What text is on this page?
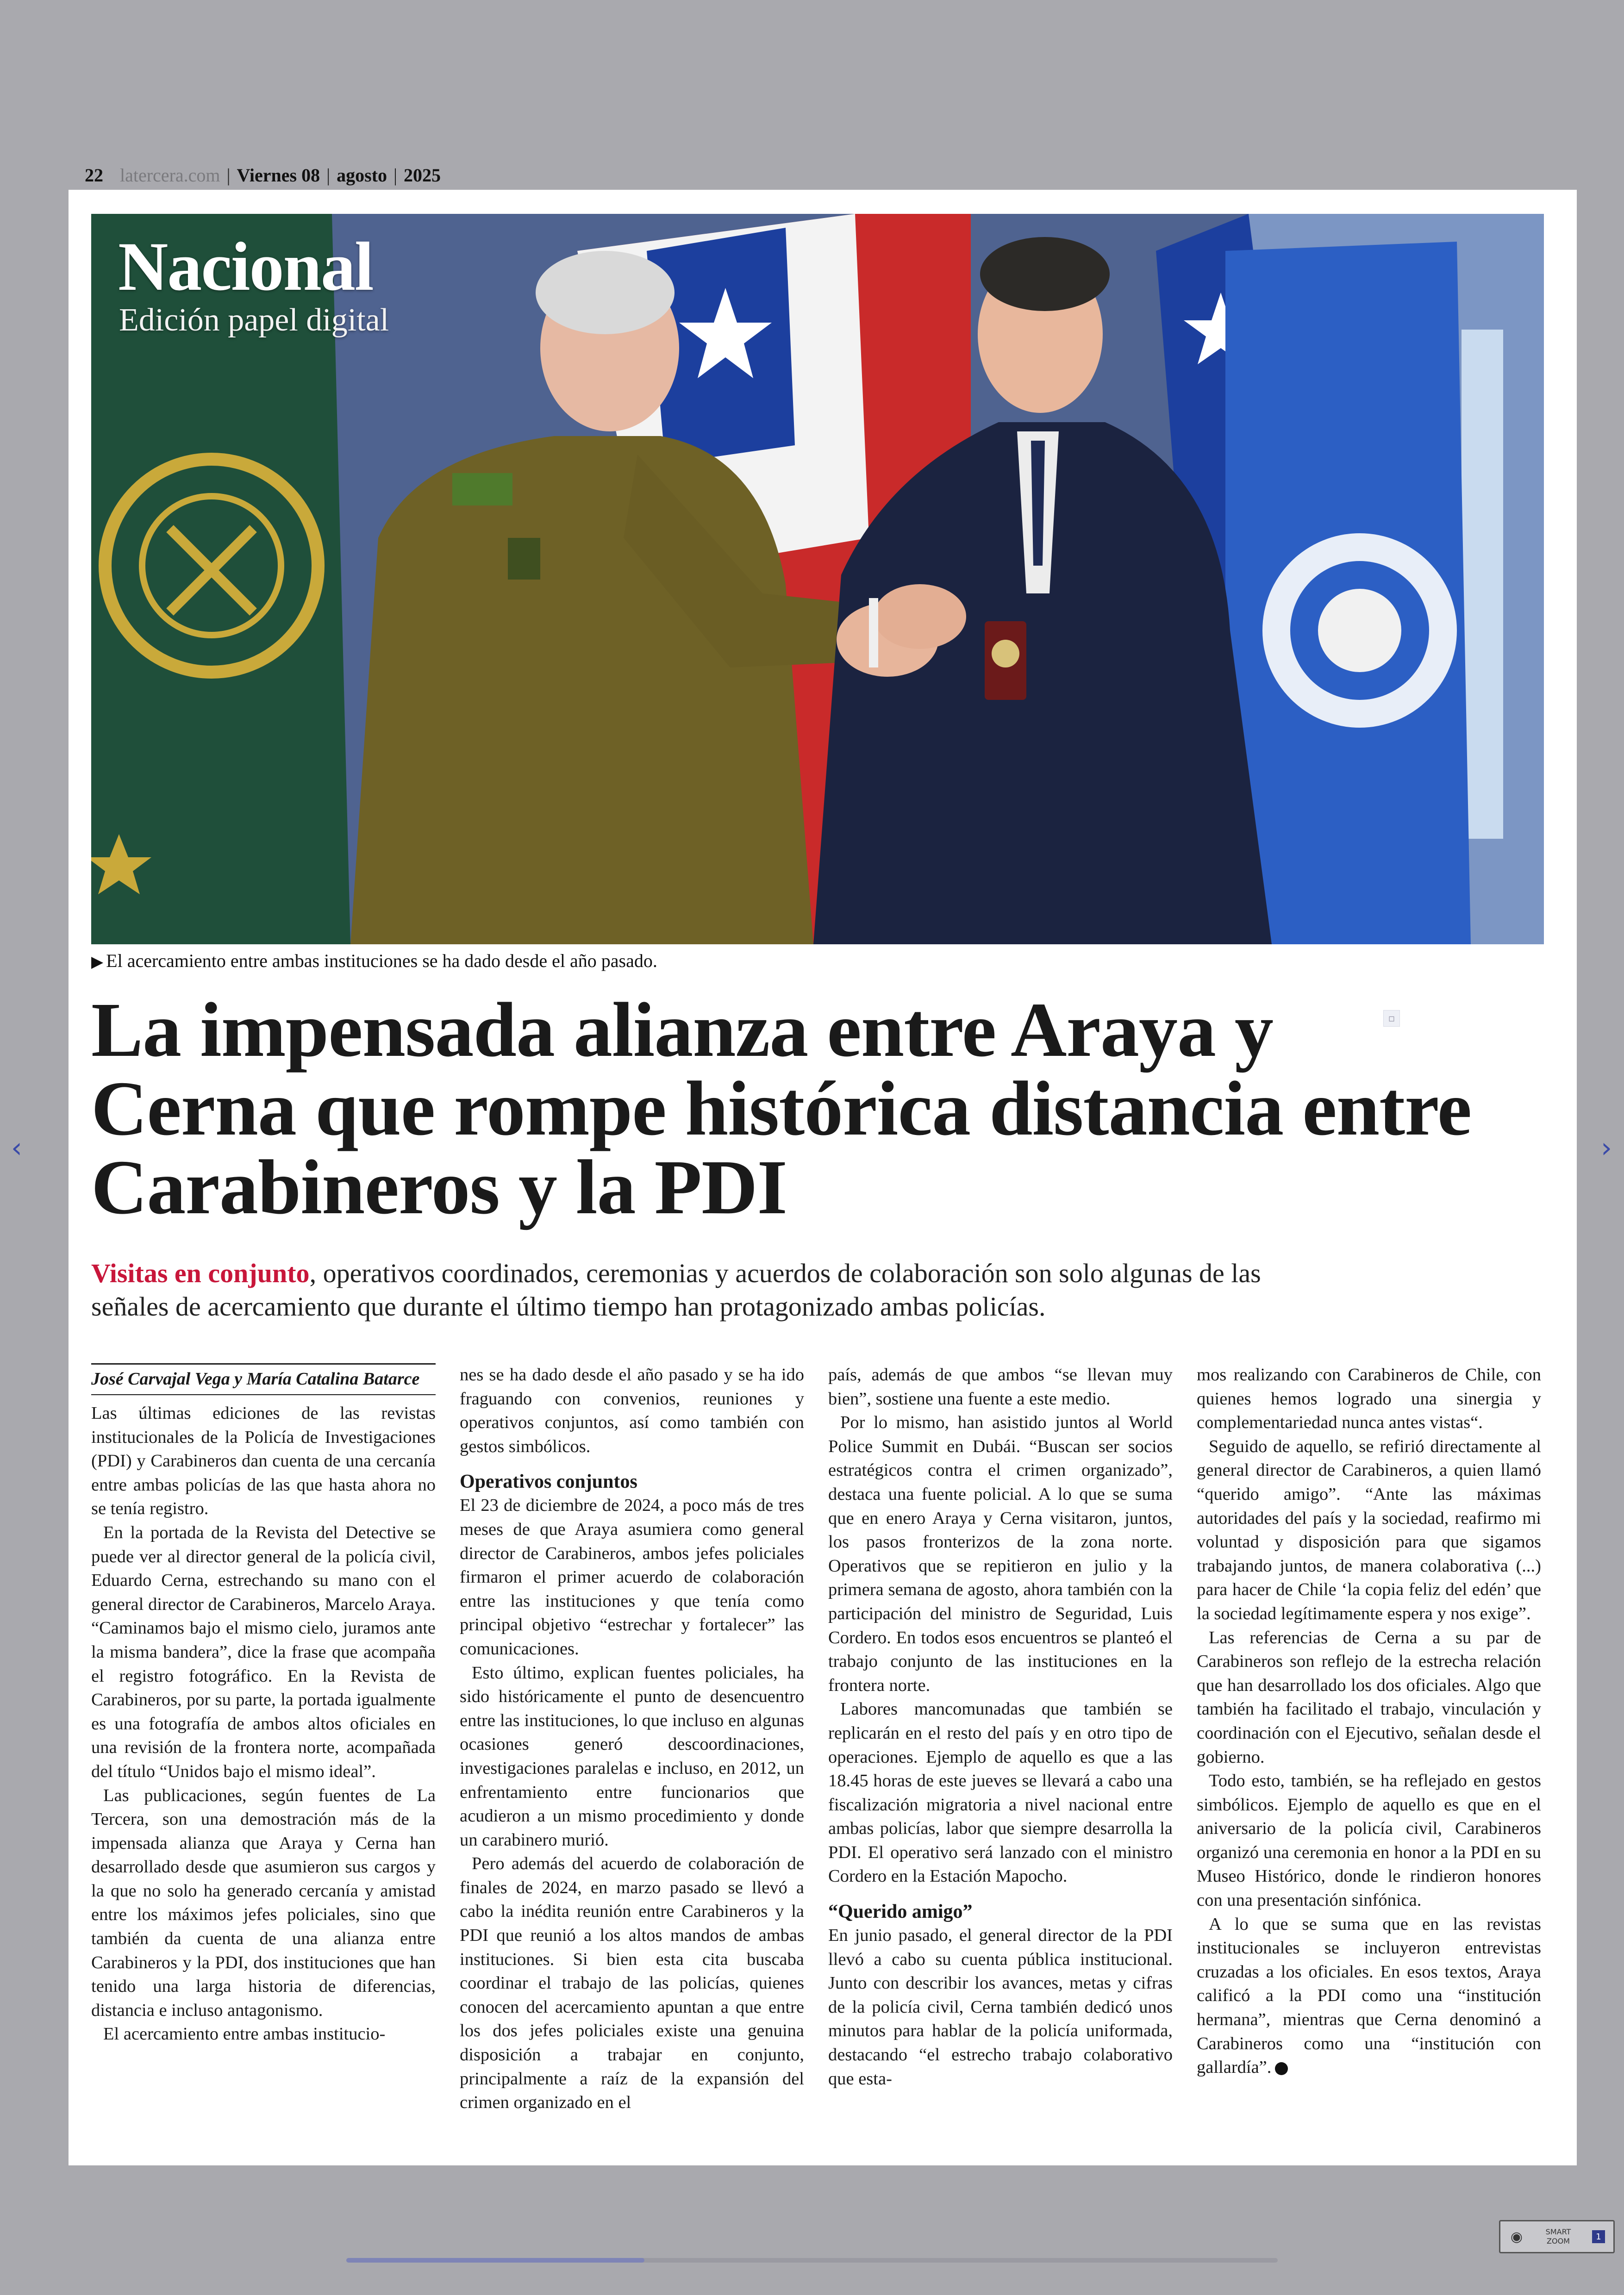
22 latercera.com | Viernes 08 | agosto | 2025
Nacional
Edición papel digital
▶ El acercamiento entre ambas instituciones se ha dado desde el año pasado.
▫
La impensada alianza entre Araya y Cerna que rompe histórica distancia entre Carabineros y la PDI
Visitas en conjunto, operativos coordinados, ceremonias y acuerdos de colaboración son solo algunas de las señales de acercamiento que durante el último tiempo han protagonizado ambas policías.
José Carvajal Vega y María Catalina Batarce

Las últimas ediciones de las revistas institucionales de la Policía de Investigaciones (PDI) y Carabineros dan cuenta de una cercanía entre ambas policías de las que hasta ahora no se tenía registro.

En la portada de la Revista del Detective se puede ver al director general de la policía civil, Eduardo Cerna, estrechando su mano con el general director de Carabineros, Marcelo Araya. “Caminamos bajo el mismo cielo, juramos ante la misma bandera”, dice la frase que acompaña el registro fotográfico. En la Revista de Carabineros, por su parte, la portada igualmente es una fotografía de ambos altos oficiales en una revisión de la frontera norte, acompañada del título “Unidos bajo el mismo ideal”.

Las publicaciones, según fuentes de La Tercera, son una demostración más de la impensada alianza que Araya y Cerna han desarrollado desde que asumieron sus cargos y la que no solo ha generado cercanía y amistad entre los máximos jefes policiales, sino que también da cuenta de una alianza entre Carabineros y la PDI, dos instituciones que han tenido una larga historia de diferencias, distancia e incluso antagonismo.

El acercamiento entre ambas institucio-

nes se ha dado desde el año pasado y se ha ido fraguando con convenios, reuniones y operativos conjuntos, así como también con gestos simbólicos.

Operativos conjuntos

El 23 de diciembre de 2024, a poco más de tres meses de que Araya asumiera como general director de Carabineros, ambos jefes policiales firmaron el primer acuerdo de colaboración entre las instituciones y que tenía como principal objetivo “estrechar y fortalecer” las comunicaciones.

Esto último, explican fuentes policiales, ha sido históricamente el punto de desencuentro entre las instituciones, lo que incluso en algunas ocasiones generó descoordinaciones, investigaciones paralelas e incluso, en 2012, un enfrentamiento entre funcionarios que acudieron a un mismo procedimiento y donde un carabinero murió.

Pero además del acuerdo de colaboración de finales de 2024, en marzo pasado se llevó a cabo la inédita reunión entre Carabineros y la PDI que reunió a los altos mandos de ambas instituciones. Si bien esta cita buscaba coordinar el trabajo de las policías, quienes conocen del acercamiento apuntan a que entre los dos jefes policiales existe una genuina disposición a trabajar en conjunto, principalmente a raíz de la expansión del crimen organizado en el

país, además de que ambos “se llevan muy bien”, sostiene una fuente a este medio.

Por lo mismo, han asistido juntos al World Police Summit en Dubái. “Buscan ser socios estratégicos contra el crimen organizado”, destaca una fuente policial. A lo que se suma que en enero Araya y Cerna visitaron, juntos, los pasos fronterizos de la zona norte. Operativos que se repitieron en julio y la primera semana de agosto, ahora también con la participación del ministro de Seguridad, Luis Cordero. En todos esos encuentros se planteó el trabajo conjunto de las instituciones en la frontera norte.

Labores mancomunadas que también se replicarán en el resto del país y en otro tipo de operaciones. Ejemplo de aquello es que a las 18.45 horas de este jueves se llevará a cabo una fiscalización migratoria a nivel nacional entre ambas policías, labor que siempre desarrolla la PDI. El operativo será lanzado con el ministro Cordero en la Estación Mapocho.

“Querido amigo”

En junio pasado, el general director de la PDI llevó a cabo su cuenta pública institucional. Junto con describir los avances, metas y cifras de la policía civil, Cerna también dedicó unos minutos para hablar de la policía uniformada, destacando “el estrecho trabajo colaborativo que esta-

mos realizando con Carabineros de Chile, con quienes hemos logrado una sinergia y complementariedad nunca antes vistas“.

Seguido de aquello, se refirió directamente al general director de Carabineros, a quien llamó “querido amigo”. “Ante las máximas autoridades del país y la sociedad, reafirmo mi voluntad y disposición para que sigamos trabajando juntos, de manera colaborativa (...) para hacer de Chile ‘la copia feliz del edén’ que la sociedad legítimamente espera y nos exige”.

Las referencias de Cerna a su par de Carabineros son reflejo de la estrecha relación que han desarrollado los dos oficiales. Algo que también ha facilitado el trabajo, vinculación y coordinación con el Ejecutivo, señalan desde el gobierno.

Todo esto, también, se ha reflejado en gestos simbólicos. Ejemplo de aquello es que en el aniversario de la policía civil, Carabineros organizó una ceremonia en honor a la PDI en su Museo Histórico, donde le rindieron honores con una presentación sinfónica.

A lo que se suma que en las revistas institucionales se incluyeron entrevistas cruzadas a los oficiales. En esos textos, Araya calificó a la PDI como una “institución hermana”, mientras que Cerna denominó a Carabineros como una “institución con gallardía”.

‹	›
◉	SMART
ZOOM	1
